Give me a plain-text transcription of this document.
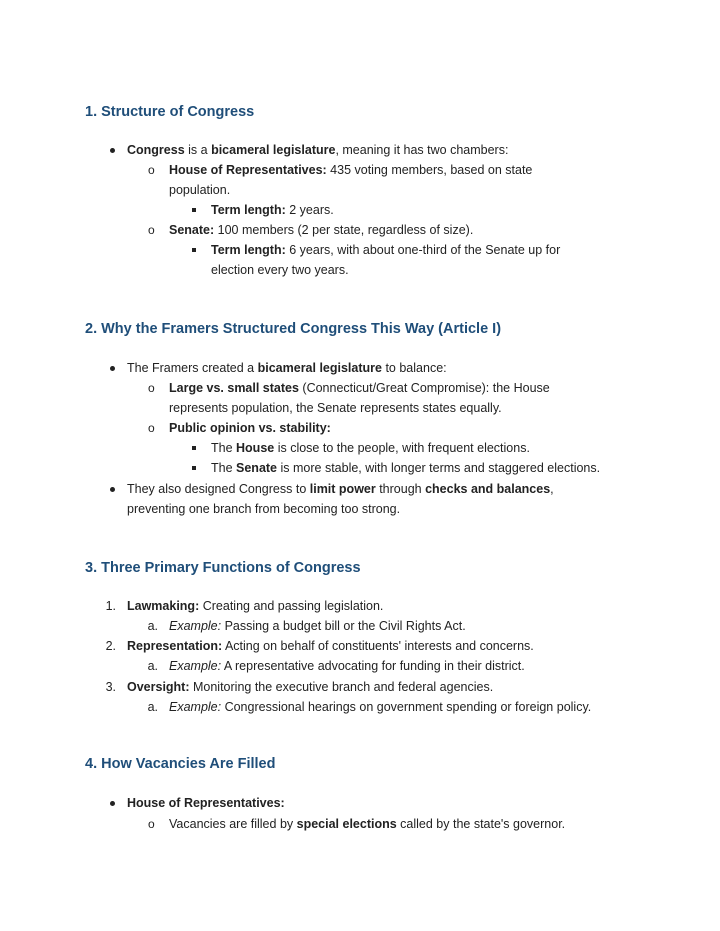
1. Structure of Congress
Congress is a bicameral legislature, meaning it has two chambers:
o House of Representatives: 435 voting members, based on state
population.
Term length: 2 years.
o Senate: 100 members (2 per state, regardless of size).
Term length: 6 years, with about one-third of the Senate up for
election every two years.
2. Why the Framers Structured Congress This Way (Article I)
The Framers created a bicameral legislature to balance:
o Large vs. small states (Connecticut/Great Compromise): the House
represents population, the Senate represents states equally.
o Public opinion vs. stability:
The House is close to the people, with frequent elections.
The Senate is more stable, with longer terms and staggered elections.
They also designed Congress to limit power through checks and balances,
preventing one branch from becoming too strong.
3. Three Primary Functions of Congress
1. Lawmaking: Creating and passing legislation.
a. Example: Passing a budget bill or the Civil Rights Act.
2. Representation: Acting on behalf of constituents' interests and concerns.
a. Example: A representative advocating for funding in their district.
3. Oversight: Monitoring the executive branch and federal agencies.
a. Example: Congressional hearings on government spending or foreign policy.
4. How Vacancies Are Filled
House of Representatives:
o Vacancies are filled by special elections called by the state's governor.
